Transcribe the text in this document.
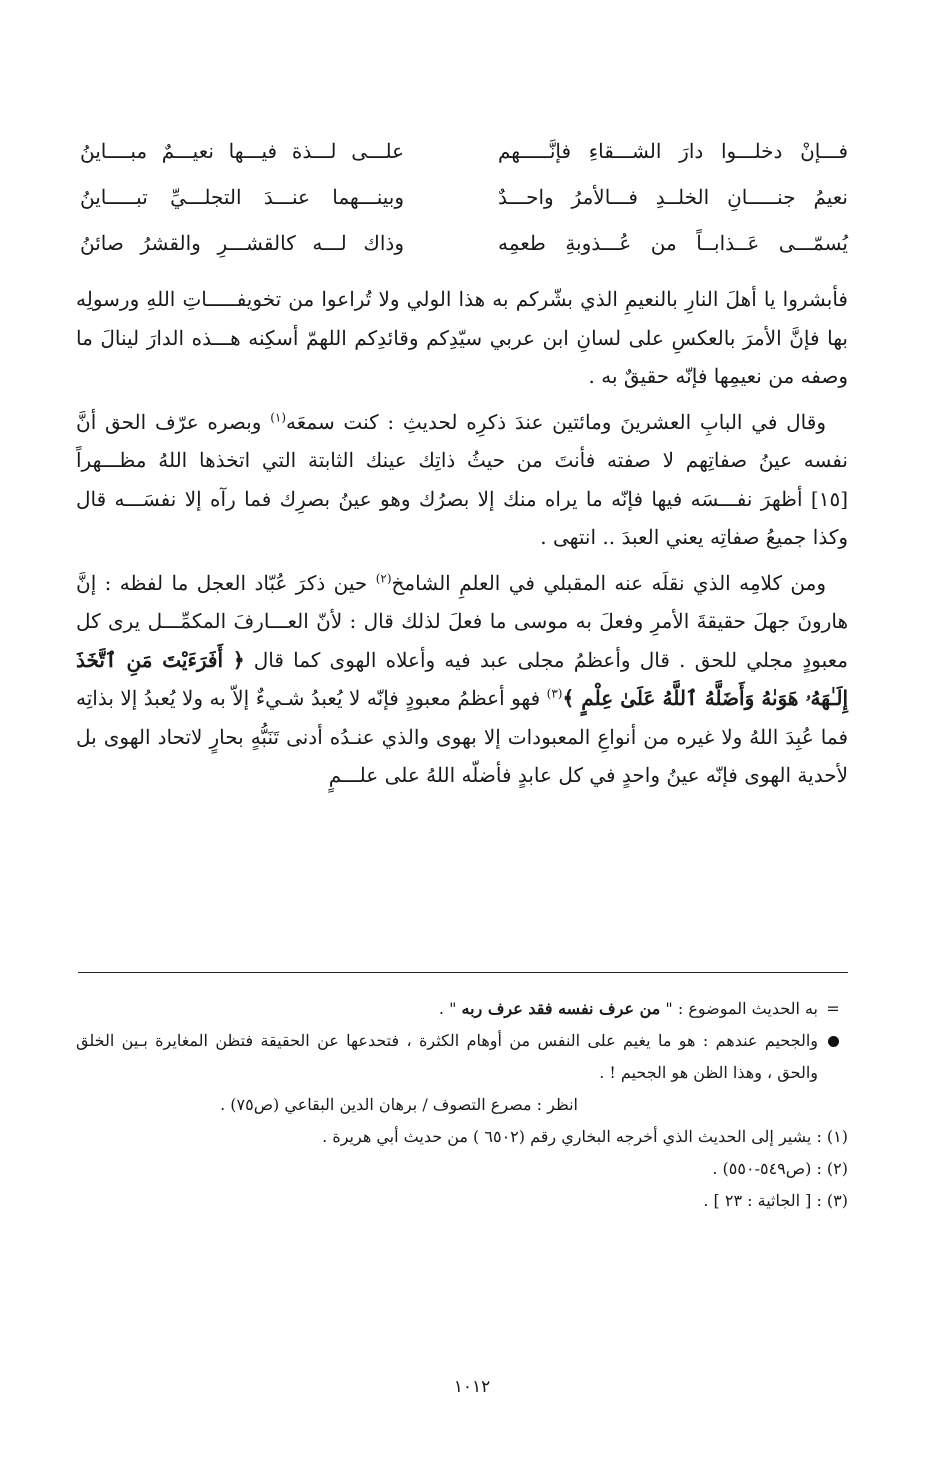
فـــإنْ دخلـــوا دارَ الشـــقاءِ فإنَّـــــهم
علـــى لـــذة فيـــها نعيـــمٌ مبــــاينُ
نعيمُ جنـــــانِ الخلــدِ فـــالأمرُ واحـــدٌ
وبينـــهما عنـــدَ التجلـــيِّ تبـــــاينُ
يُسمّـــى عَــذابــاً من عُـــذوبةِ طعمِه
وذاك لـــه كالقشـــرِ والقشرُ صائنُ

فأبشروا يا أهلَ النارِ بالنعيمِ الذي بشّركم به هذا الولي ولا تُراعوا من تخويفـــــاتِ اللهِ ورسولِه بها فإنَّ الأمرَ بالعكسِ على لسانِ ابن عربي سيّدِكم وقائدِكم اللهمّ أسكِنه هـــذه الدارَ لينالَ ما وصفه من نعيمِها فإنّه حقيقٌ به .

وقال في البابِ العشرينَ ومائتين عندَ ذكرِه لحديثِ : كنت سمعَه$^{(١)}$ وبصره عرّف الحق أنَّ نفسه عينُ صفاتِهم لا صفته فأنتَ من حيثُ ذاتِك عينك الثابتة التي اتخذها اللهُ مظـــهراً [١٥] أظهرَ نفـــسَه فيها فإنّه ما يراه منك إلا بصرُك وهو عينُ بصرِك فما رآه إلا نفسَـــه قال وكذا جميعُ صفاتِه يعني العبدَ .. انتهى .

ومن كلامِه الذي نقلَه عنه المقبلي في العلمِ الشامخ$^{(٢)}$ حين ذكرَ عُبّاد العجل ما لفظه : إنَّ هارونَ جهلَ حقيقةَ الأمرِ وفعلَ به موسى ما فعلَ لذلك قال : لأنّ العـــارفَ المكمِّـــل يرى كل معبودٍ مجلي للحق . قال وأعظمُ مجلى عبد فيه وأعلاه الهوى كما قال ﴿ أَفَرَءَيْتَ مَنِ ٱتَّخَذَ إِلَـٰهَهُۥ هَوَىٰهُ وَأَضَلَّهُ ٱللَّهُ عَلَىٰ عِلْمٍ ﴾$^{(٣)}$ فهو أعظمُ معبودٍ فإنّه لا يُعبدُ شـيءٌ إلاّ به ولا يُعبدُ إلا بذاتِه فما عُبِدَ اللهُ ولا غيره من أنواعِ المعبودات إلا بهوى والذي عنـدُه أدنى تَنَبُّهٍ بحارٍ لاتحاد الهوى بل لأحدية الهوى فإنّه عينُ واحدٍ في كل عابدٍ فأضلّه اللهُ على علـــمٍ

=
به الحديث الموضوع : " من عرف نفسه فقد عرف ربه " .
والجحيم عندهم : هو ما يغيم على النفس من أوهام الكثرة ، فتحدعها عن الحقيقة فتظن المغايرة بـين الخلق والحق ، وهذا الظن هو الجحيم ! .

انظر : مصرع التصوف / برهان الدين البقاعي (ص٧٥) .

(١) : يشير إلى الحديث الذي أخرجه البخاري رقم (٦٥٠٢ ) من حديث أبي هريرة .
(٢) : (ص٥٤٩-٥٥٠) .
(٣) : [ الجاثية : ٢٣ ] .
١٠١٢
